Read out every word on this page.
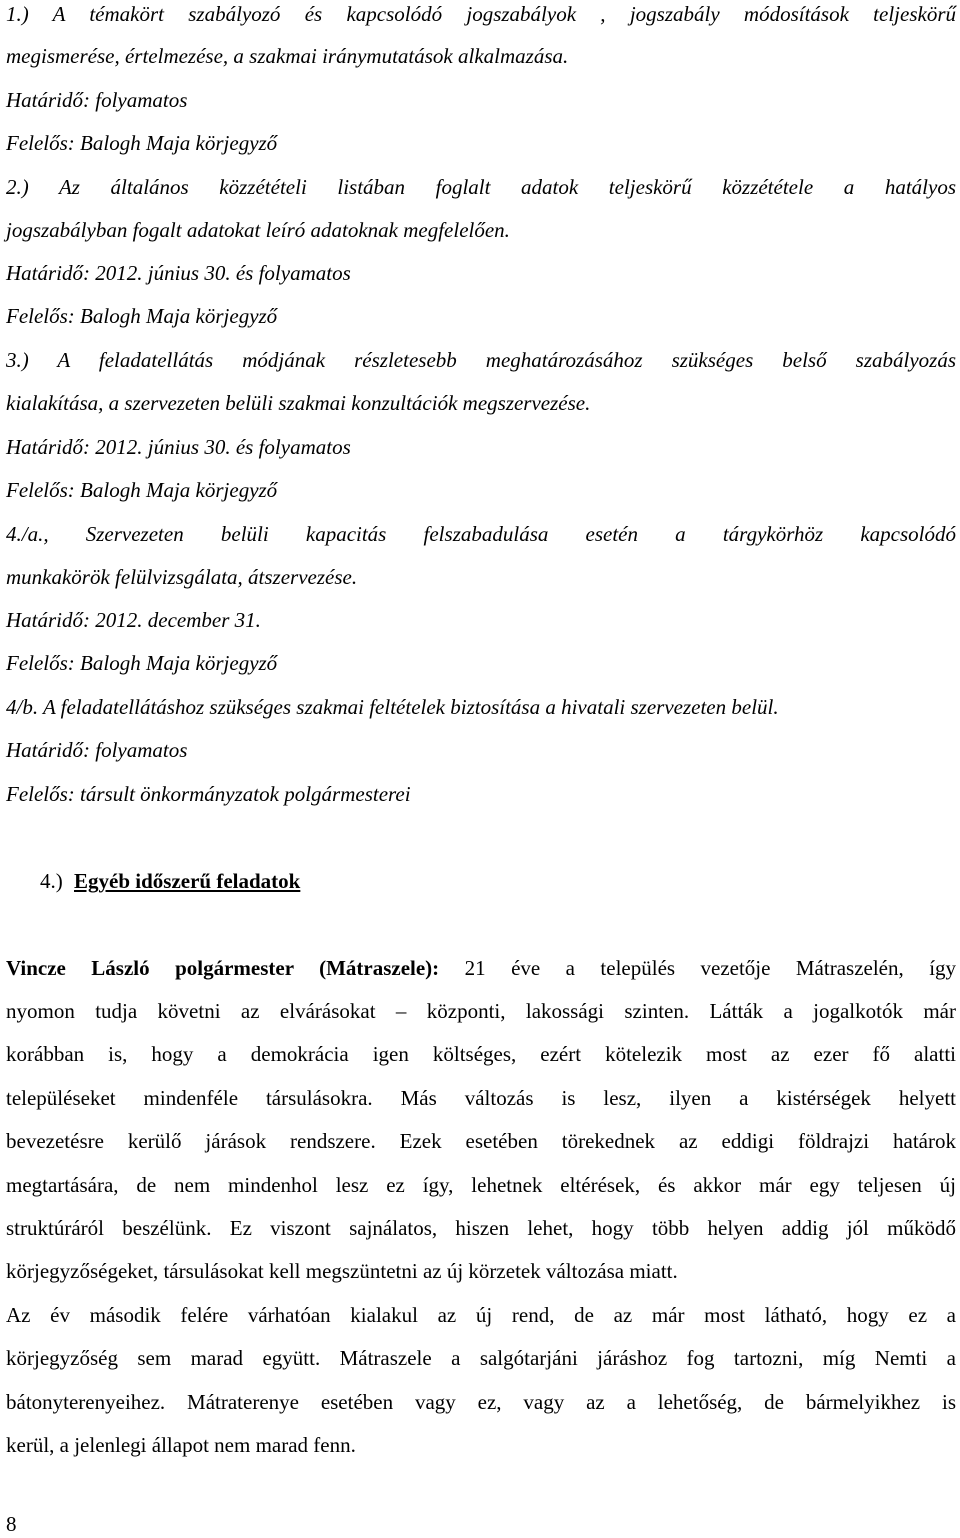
1.) A témakört szabályozó és kapcsolódó jogszabályok , jogszabály módosítások teljeskörű
megismerése, értelmezése, a szakmai iránymutatások alkalmazása.
Határidő: folyamatos
Felelős: Balogh Maja körjegyző
2.) Az általános közzétételi listában foglalt adatok teljeskörű közzététele a hatályos
jogszabályban fogalt adatokat leíró adatoknak megfelelően.
Határidő: 2012. június 30. és folyamatos
Felelős: Balogh Maja körjegyző
3.) A feladatellátás módjának részletesebb meghatározásához szükséges belső szabályozás
kialakítása, a szervezeten belüli szakmai konzultációk megszervezése.
Határidő: 2012. június 30. és folyamatos
Felelős: Balogh Maja körjegyző
4./a., Szervezeten belüli kapacitás felszabadulása esetén a tárgykörhöz kapcsolódó
munkakörök felülvizsgálata, átszervezése.
Határidő: 2012. december 31.
Felelős: Balogh Maja körjegyző
4/b. A feladatellátáshoz szükséges szakmai feltételek biztosítása a hivatali szervezeten belül.
Határidő: folyamatos
Felelős: társult önkormányzatok polgármesterei
4.) Egyéb időszerű feladatok
Vincze László polgármester (Mátraszele): 21 éve a település vezetője Mátraszelén, így
nyomon tudja követni az elvárásokat – központi, lakossági szinten. Látták a jogalkotók már
korábban is, hogy a demokrácia igen költséges, ezért kötelezik most az ezer fő alatti
településeket mindenféle társulásokra. Más változás is lesz, ilyen a kistérségek helyett
bevezetésre kerülő járások rendszere. Ezek esetében törekednek az eddigi földrajzi határok
megtartására, de nem mindenhol lesz ez így, lehetnek eltérések, és akkor már egy teljesen új
struktúráról beszélünk. Ez viszont sajnálatos, hiszen lehet, hogy több helyen addig jól működő
körjegyzőségeket, társulásokat kell megszüntetni az új körzetek változása miatt.
Az év második felére várhatóan kialakul az új rend, de az már most látható, hogy ez a
körjegyzőség sem marad együtt. Mátraszele a salgótarjáni járáshoz fog tartozni, míg Nemti a
bátonyterenyeihez. Mátraterenye esetében vagy ez, vagy az a lehetőség, de bármelyikhez is
kerül, a jelenlegi állapot nem marad fenn.
8
